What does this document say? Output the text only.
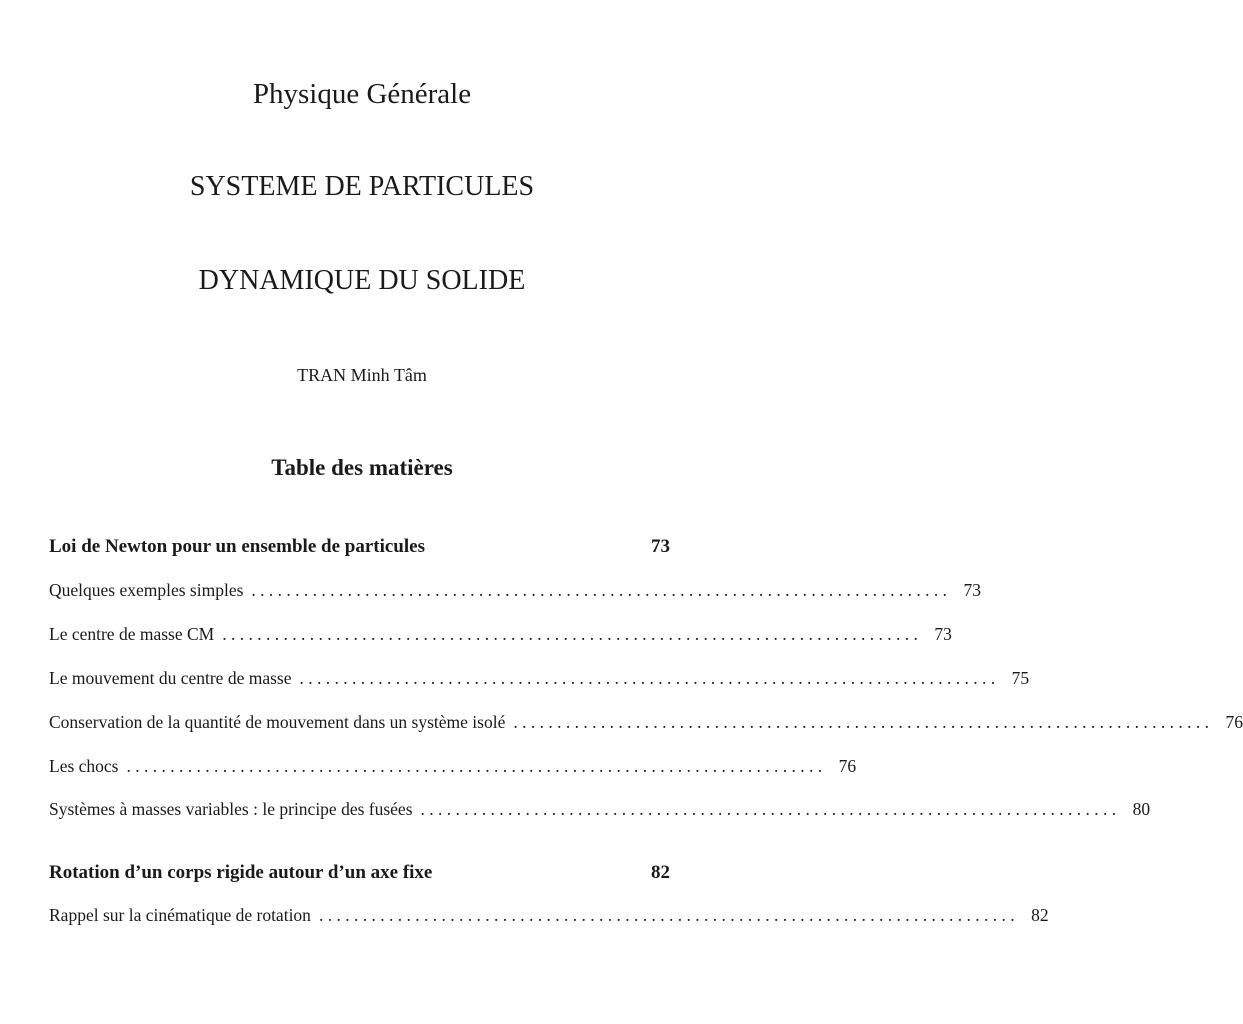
Physique Générale
SYSTEME DE PARTICULES
DYNAMIQUE DU SOLIDE
TRAN Minh Tâm
Table des matières
Loi de Newton pour un ensemble de particules	73
Quelques exemples simples . . . . . . . . . . . . . . . . . . . . . . . . . . . . . . . . . . . . . . . . . . . . . . . . . . . . . . . . . . . . . . . . . . . . . . . . . . . . . . . . 73
Le centre de masse CM . . . . . . . . . . . . . . . . . . . . . . . . . . . . . . . . . . . . . . . . . . . . . . . . . . . . . . . . . . . . . . . . . . . . . . . . . . . . . . . . 73
Le mouvement du centre de masse . . . . . . . . . . . . . . . . . . . . . . . . . . . . . . . . . . . . . . . . . . . . . . . . . . . . . . . . . . . . . . . . . . . . . . . . . . . . . . . . 75
Conservation de la quantité de mouvement dans un système isolé . . . . . . . . . . . . . . . . . . . . . . . . . . . . . . . . . . . . . . . . . . . . . . . . . . . . . . . . . . . . . . . . . . . . . . . . . . . . . . . . 76
Les chocs . . . . . . . . . . . . . . . . . . . . . . . . . . . . . . . . . . . . . . . . . . . . . . . . . . . . . . . . . . . . . . . . . . . . . . . . . . . . . . . . 76
Systèmes à masses variables : le principe des fusées . . . . . . . . . . . . . . . . . . . . . . . . . . . . . . . . . . . . . . . . . . . . . . . . . . . . . . . . . . . . . . . . . . . . . . . . . . . . . . . . 80
Rotation d’un corps rigide autour d’un axe fixe	82
Rappel sur la cinématique de rotation . . . . . . . . . . . . . . . . . . . . . . . . . . . . . . . . . . . . . . . . . . . . . . . . . . . . . . . . . . . . . . . . . . . . . . . . . . . . . . . . 82
